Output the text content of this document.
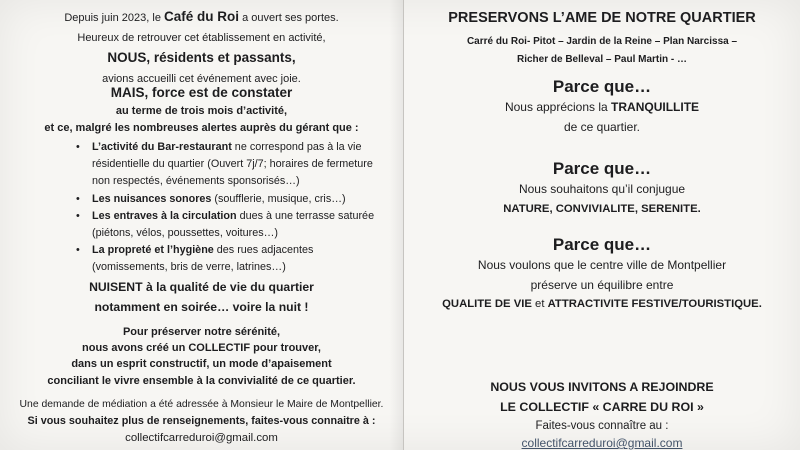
Depuis juin 2023, le Café du Roi a ouvert ses portes.
Heureux de retrouver cet établissement en activité,
NOUS, résidents et passants,
avions accueilli cet événement avec joie.
MAIS, force est de constater
au terme de trois mois d’activité,
et ce, malgré les nombreuses alertes auprès du gérant que :
• L’activité du Bar-restaurant ne correspond pas à la vie
résidentielle du quartier (Ouvert 7j/7; horaires de fermeture
non respectés, événements sponsorisés…)
• Les nuisances sonores (soufflerie, musique, cris…)
• Les entraves à la circulation dues à une terrasse saturée
(piétons, vélos, poussettes, voitures…)
• La propreté et l’hygiène des rues adjacentes
(vomissements, bris de verre, latrines…)
NUISENT à la qualité de vie du quartier
notamment en soirée… voire la nuit !
Pour préserver notre sérénité,
nous avons créé un COLLECTIF pour trouver,
dans un esprit constructif, un mode d’apaisement
conciliant le vivre ensemble à la convivialité de ce quartier.
Une demande de médiation a été adressée à Monsieur le Maire de Montpellier.
Si vous souhaitez plus de renseignements, faites-vous connaitre à :
collectifcarreduroi@gmail.com
PRESERVONS L’AME DE NOTRE QUARTIER
Carré du Roi- Pitot – Jardin de la Reine – Plan Narcissa –
Richer de Belleval – Paul Martin - …
Parce que…
Nous apprécions la TRANQUILLITE
de ce quartier.
Parce que…
Nous souhaitons qu’il conjugue
NATURE, CONVIVIALITE, SERENITE.
Parce que…
Nous voulons que le centre ville de Montpellier
préserve un équilibre entre
QUALITE DE VIE et ATTRACTIVITE FESTIVE/TOURISTIQUE.
NOUS VOUS INVITONS A REJOINDRE
LE COLLECTIF « CARRE DU ROI »
Faites-vous connaître au :
collectifcarreduroi@gmail.com
